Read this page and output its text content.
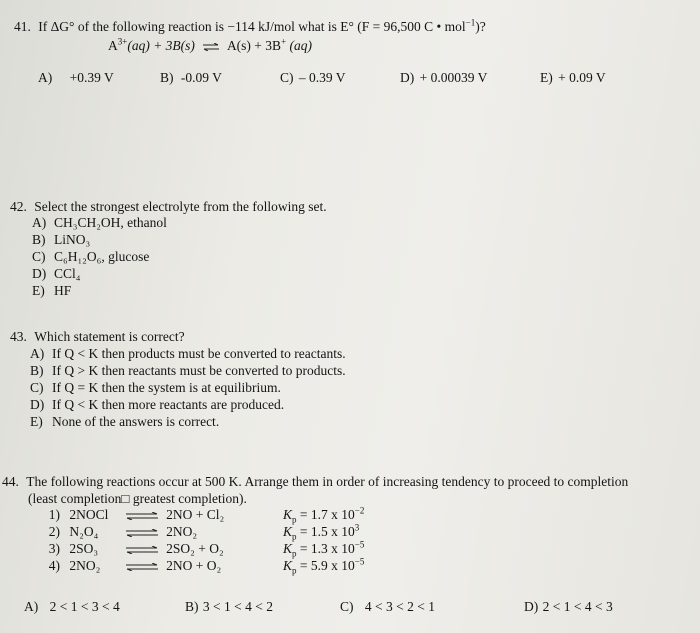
41. If ΔG° of the following reaction is −114 kJ/mol what is E° (F = 96,500 C • mol$^{-1}$)?
$A^{3+}(aq) + 3B(s)$ ⇌ A(s) + 3B+ (aq)
A) +0.39 V	B) -0.09 V	C) – 0.39 V	D) + 0.00039 V	E) + 0.09 V
42. Select the strongest electrolyte from the following set.
A) CH₃CH₂OH, ethanol
B) LiNO₃
C) C₆H₁₂O₆, glucose
D) CCl₄
E) HF
43. Which statement is correct?
A) If Q < K then products must be converted to reactants.
B) If Q > K then reactants must be converted to products.
C) If Q = K then the system is at equilibrium.
D) If Q < K then more reactants are produced.
E) None of the answers is correct.
44. The following reactions occur at 500 K. Arrange them in order of increasing tendency to proceed to completion
(least completion□ greatest completion).
1) 2NOCl ⇌ 2NO + Cl₂	$K_p = 1.7$ x $10^{-2}$
2) N₂O₄ ⇌ 2NO₂	$K_p = 1.5$ x $10^3$
3) 2SO₃ ⇌ 2SO₂ + O₂	$K_p = 1.3$ x $10^{-5}$
4) 2NO₂ ⇌ 2NO + O₂	$K_p = 5.9$ x $10^{-5}$
A) 2 < 1 < 3 < 4	B) 3 < 1 < 4 < 2	C) 4 < 3 < 2 < 1	D) 2 < 1 < 4 < 3
